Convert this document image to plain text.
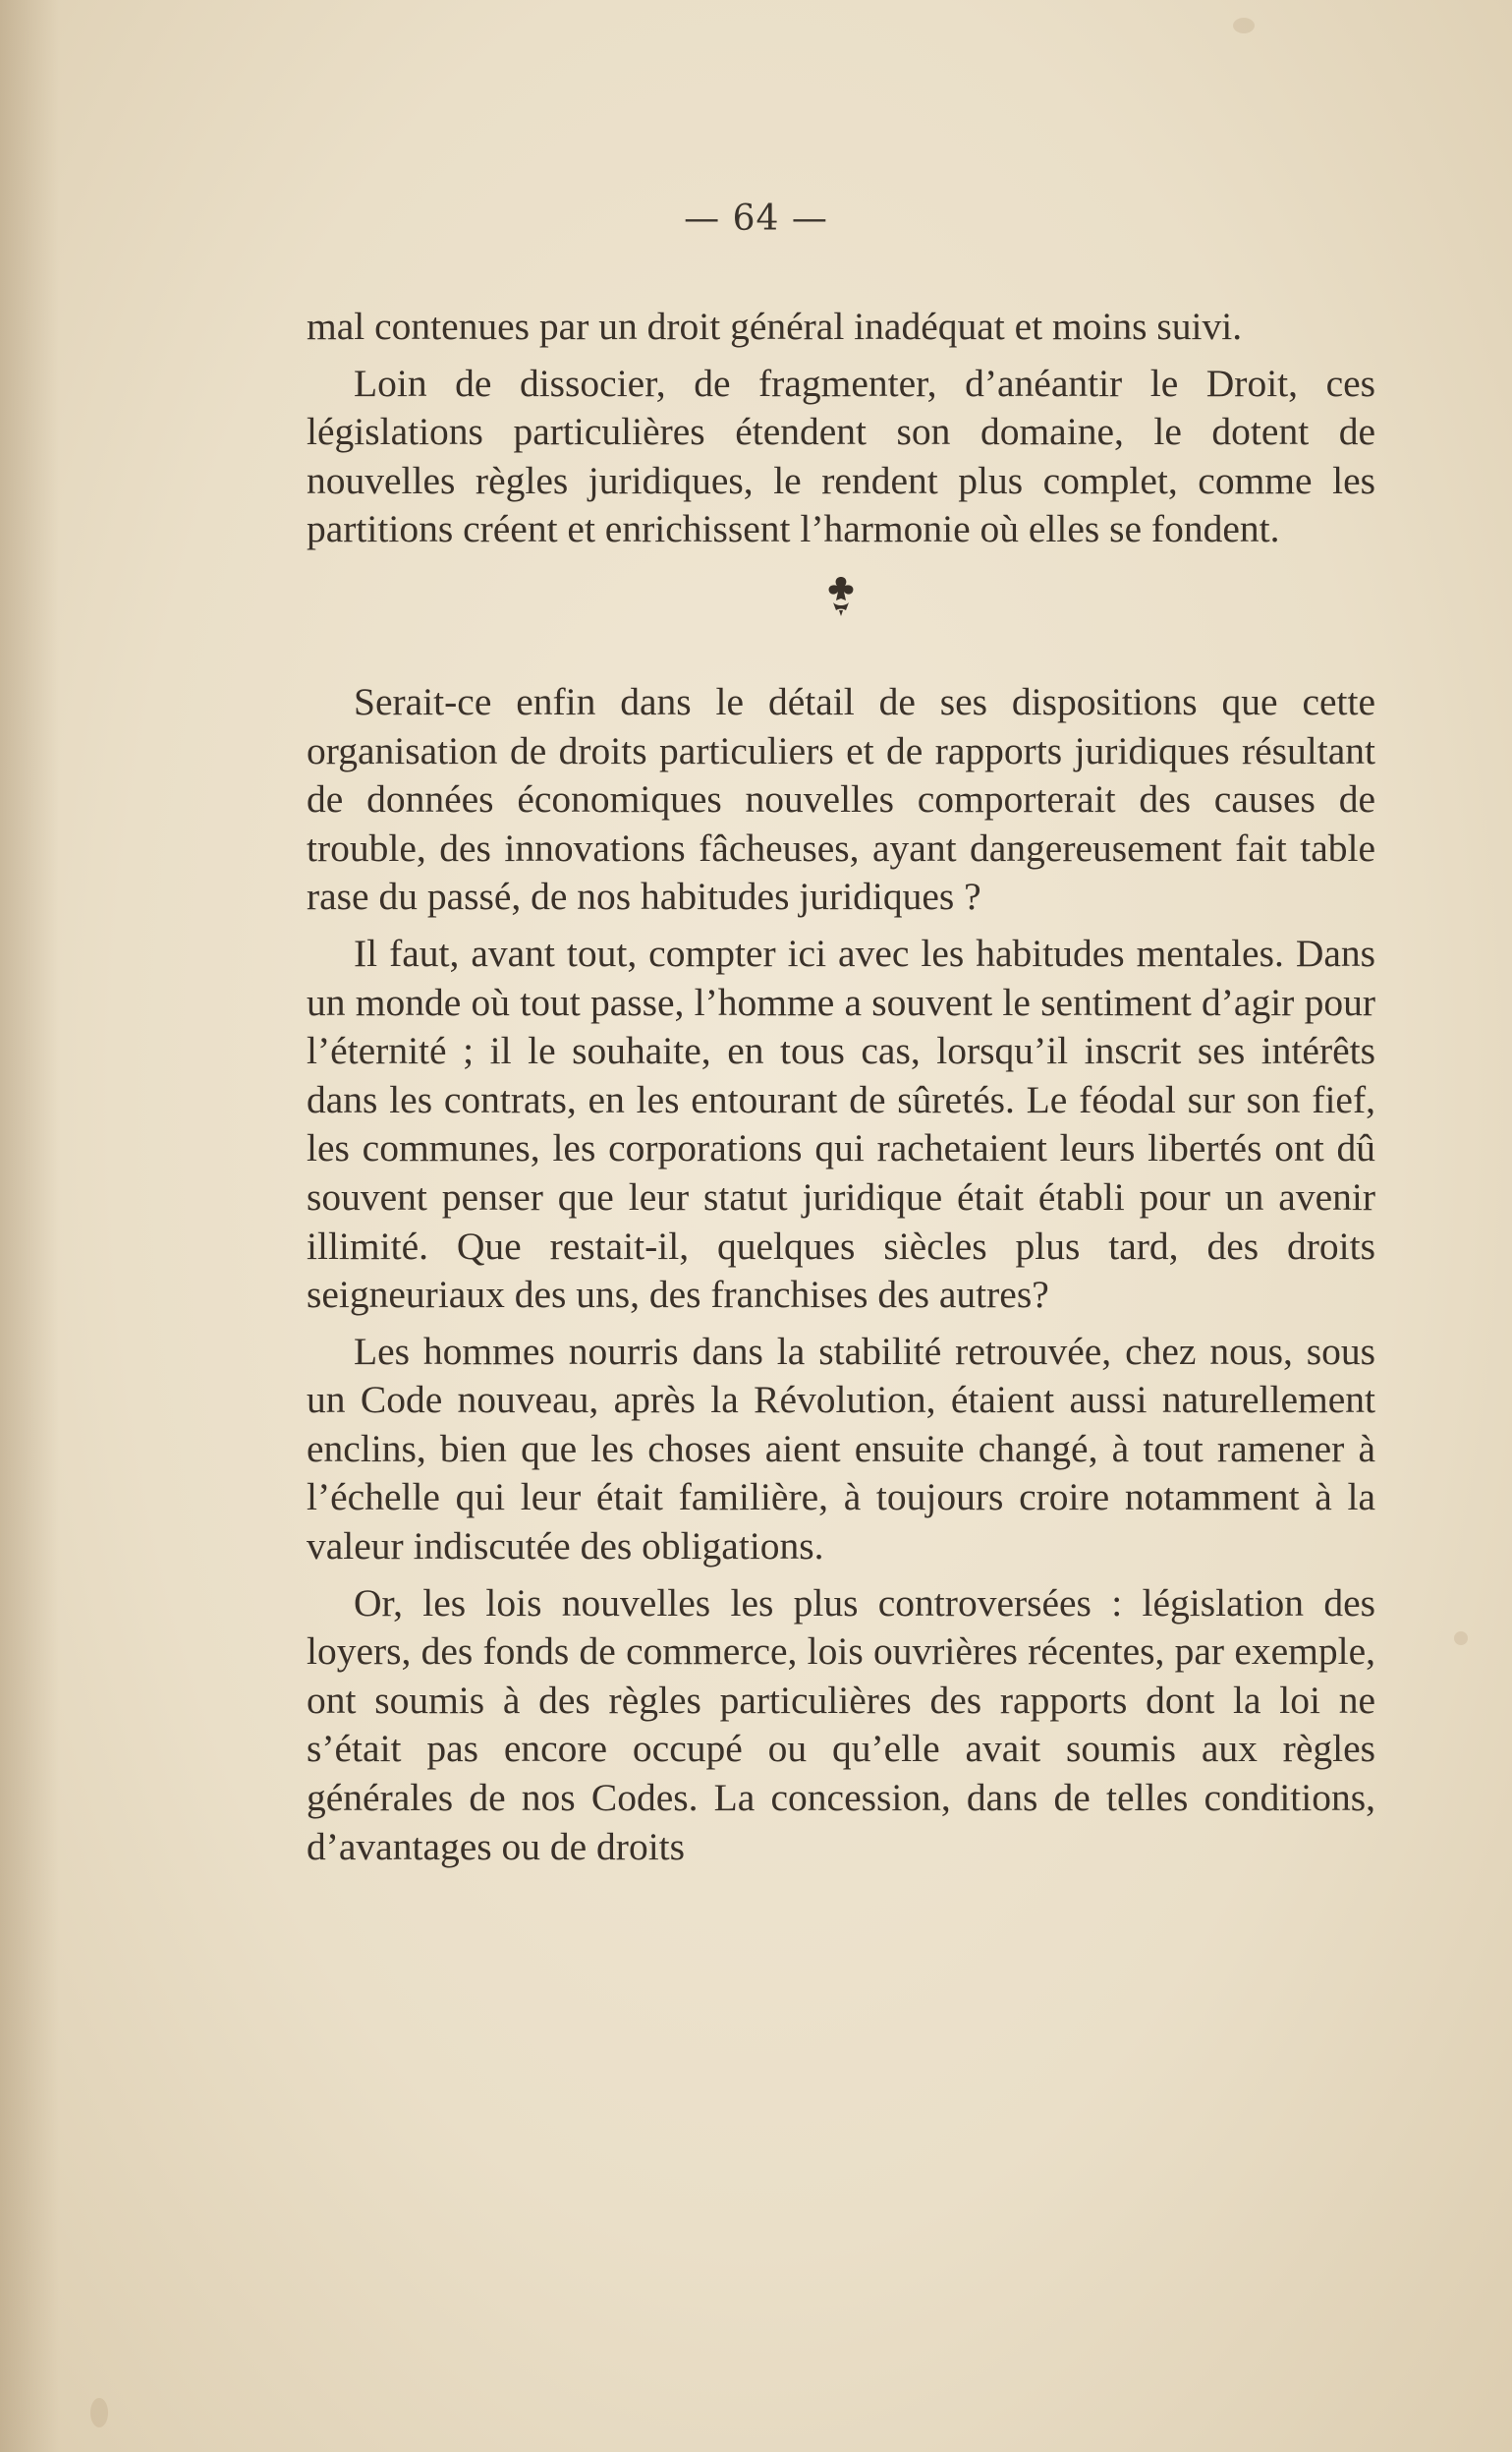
— 64 —

mal contenues par un droit général inadéquat et moins suivi.

Loin de dissocier, de fragmenter, d’anéantir le Droit, ces législations particulières étendent son domaine, le dotent de nouvelles règles juridiques, le rendent plus complet, comme les partitions créent et enrichissent l’harmonie où elles se fondent.

Serait-ce enfin dans le détail de ses dispositions que cette organisation de droits particuliers et de rapports juridiques résultant de données économiques nouvelles comporterait des causes de trouble, des innovations fâcheuses, ayant dangereusement fait table rase du passé, de nos habitudes juridiques ?

Il faut, avant tout, compter ici avec les habitudes mentales. Dans un monde où tout passe, l’homme a souvent le sentiment d’agir pour l’éternité ; il le souhaite, en tous cas, lorsqu’il inscrit ses intérêts dans les contrats, en les entourant de sûretés. Le féodal sur son fief, les communes, les corporations qui rachetaient leurs libertés ont dû souvent penser que leur statut juridique était établi pour un avenir illimité. Que restait-il, quelques siècles plus tard, des droits seigneuriaux des uns, des franchises des autres?

Les hommes nourris dans la stabilité retrouvée, chez nous, sous un Code nouveau, après la Révolution, étaient aussi naturellement enclins, bien que les choses aient ensuite changé, à tout ramener à l’échelle qui leur était familière, à toujours croire notamment à la valeur indiscutée des obligations.

Or, les lois nouvelles les plus controversées : législation des loyers, des fonds de commerce, lois ouvrières récentes, par exemple, ont soumis à des règles particulières des rapports dont la loi ne s’était pas encore occupé ou qu’elle avait soumis aux règles générales de nos Codes. La concession, dans de telles conditions, d’avantages ou de droits
